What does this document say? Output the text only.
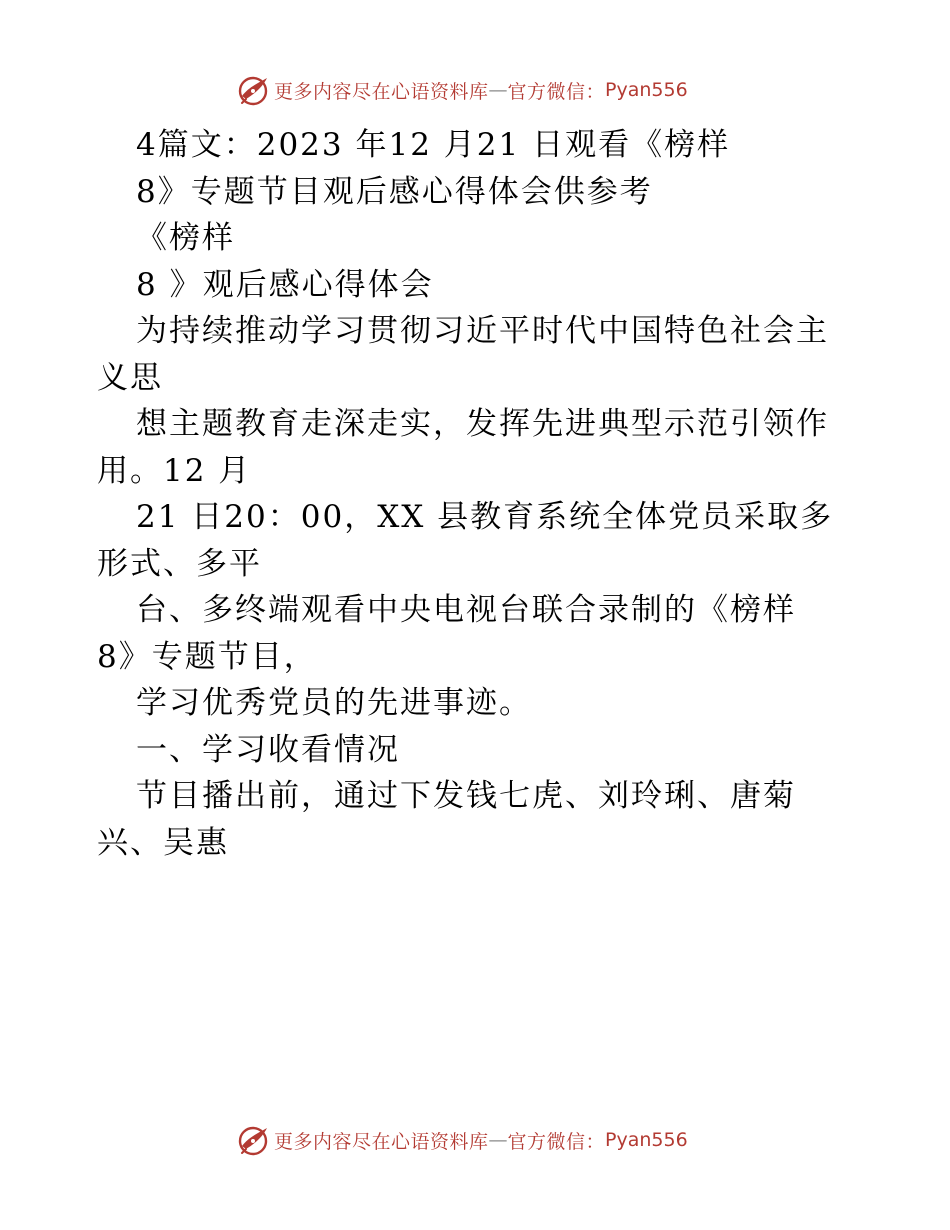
更多内容尽在心语资料库 — 官方微信： Pyan556
4篇文：2023 年12 月21 日观看《榜样
8》专题节目观后感心得体会供参考
《榜样
8 》观后感心得体会
为持续推动学习贯彻习近平时代中国特色社会主
义思
想主题教育走深走实，发挥先进典型示范引领作
用。12 月
21 日20：00，XX 县教育系统全体党员采取多
形式、多平
台、多终端观看中央电视台联合录制的《榜样
8》专题节目，
学习优秀党员的先进事迹。
一、学习收看情况
节目播出前，通过下发钱七虎、刘玲琍、唐菊
兴、吴惠
更多内容尽在心语资料库 — 官方微信： Pyan556
